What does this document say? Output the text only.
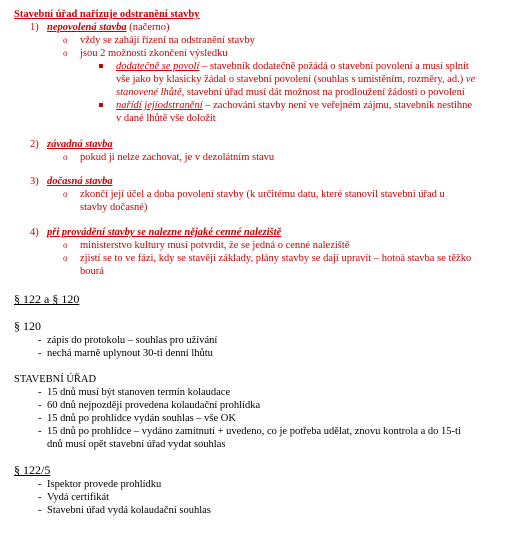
Stavební úřad nařizuje odstranění stavby
1) nepovolená stavba (načerno)
o vždy se zahájí řízení na odstranění stavby
o jsou 2 možnosti zkončení výsledku
dodatečně se povolí – stavebník dodatečně požádá o stavební povolení a musí splnit
vše jako by klasicky žádal o stavební povolení (souhlas s umístěním, rozměry, ad.) ve
stanovené lhůtě, stavební úřad musí dát možnost na prodloužení žádosti o povolení
nařídí jejíodstranění – zachování stavby není ve veřejném zájmu, stavebník nestihne
v dané lhůtě vše doložit
2) závadná stavba
o pokud ji nelze zachovat, je v dezolátním stavu
3) dočasná stavba
o zkončí její účel a doba povolení stavby (k určitému datu, které stanovil stavební úřad u
stavby dočasné)
4) při provádění stavby se nalezne nějaké cenné naleziště
o ministerstvo kultury musí potvrdit, že se jedná o cenné naleziště
o zjistí se to ve fázi, kdy se stavějí základy, plány stavby se dají upravit – hotoá stavba se těžko
bourá
§ 122 a § 120
§ 120
- zápis do protokolu – souhlas pro užívání
- nechá marně uplynout 30-ti denní lhůtu
STAVEBNÍ ÚŘAD
- 15 dnů musí být stanoven termín kolaudace
- 60 dnů nejpozději provedena kolaudační prohlídka
- 15 dnů po prohlídce vydán souhlas – vše OK
- 15 dnů po prohlídce – vydáno zamítnutí + uvedeno, co je potřeba udělat, znovu kontrola a do 15-ti
dnů musí opět stavební úřad vydat souhlas
§ 122/5
- Ispektor provede prohlídku
- Vydá certifikát
- Stavební úřad vydá kolaudační souhlas
